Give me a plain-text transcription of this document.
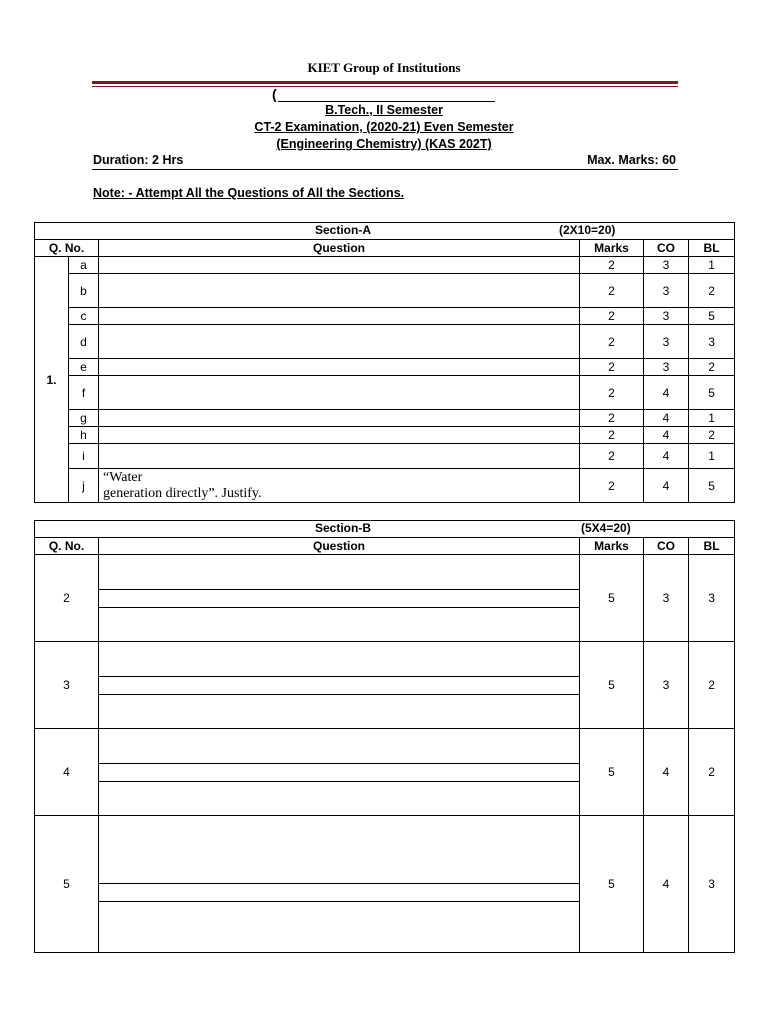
KIET Group of Institutions
(
B.Tech., II Semester
CT-2 Examination, (2020-21) Even Semester
(Engineering Chemistry) (KAS 202T)
Duration: 2 Hrs	Max. Marks: 60
Note: - Attempt All the Questions of All the Sections.
Section-A (2X10=20)					

Q. No.		Question	Marks	CO	BL
1.	a		2	3	1
	b		2	3	2
	c		2	3	5
	d		2	3	3
	e		2	3	2
	f		2	4	5
	g		2	4	1
	h		2	4	2
	i		2	4	1
	j	“Water
generation directly”. Justify.	2	4	5
Section-B (5X4=20)				

Q. No.	Question	Marks	CO	BL
2		5	3	3
3		5	3	2
4		5	4	2
5		5	4	3
